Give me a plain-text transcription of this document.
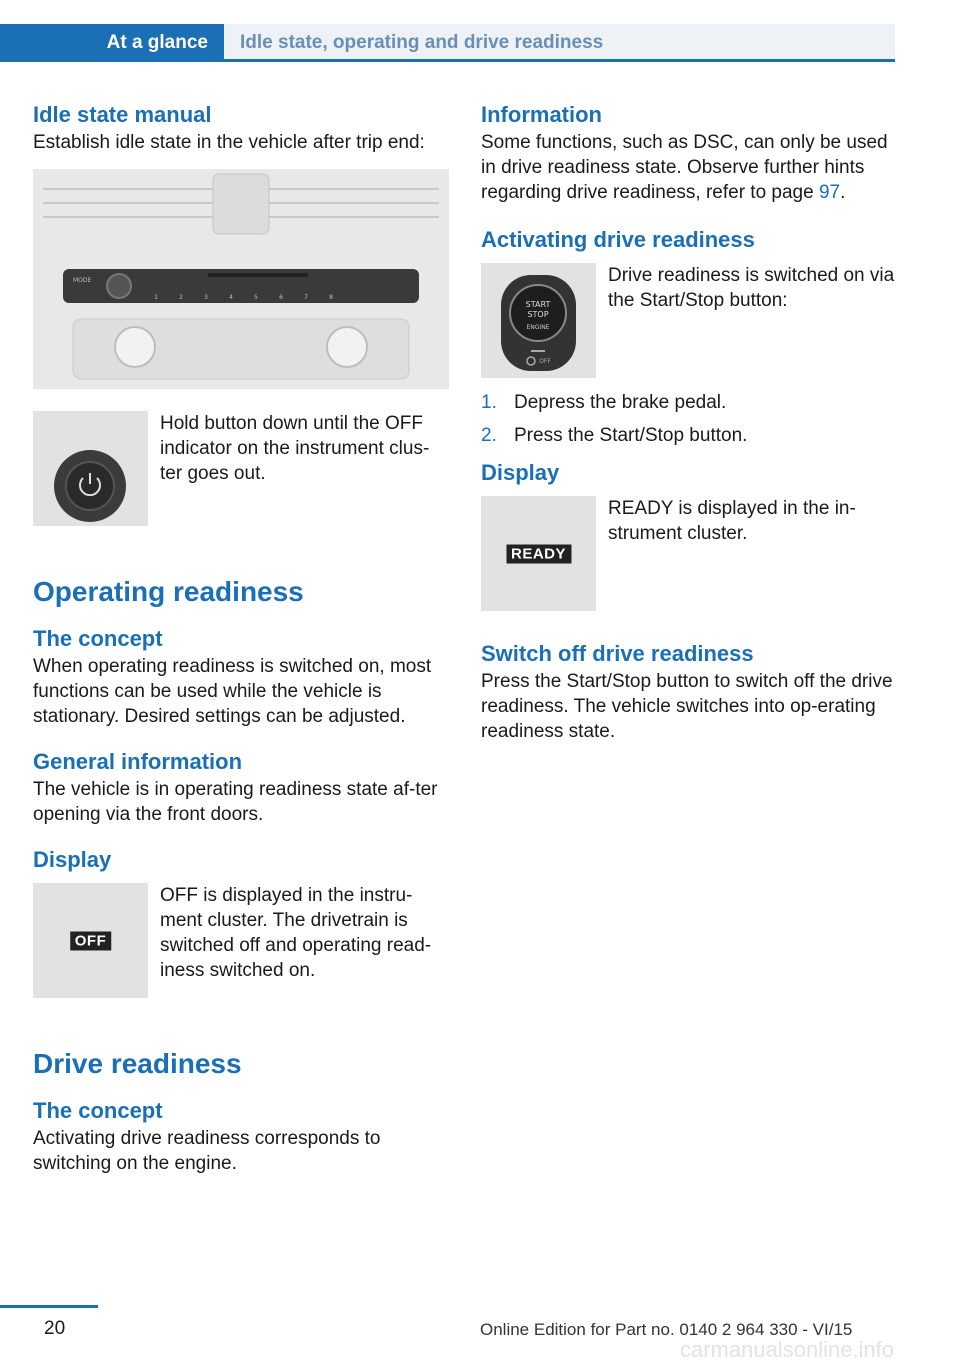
At a glance	Idle state, operating and drive readiness
Idle state manual
Establish idle state in the vehicle after trip end:
MODE
1	2	3	4	5	6	7	8
Hold button down until the OFF indicator on the instrument clus‐ter goes out.
Operating readiness
The concept
When operating readiness is switched on, most functions can be used while the vehicle is stationary. Desired settings can be adjusted.
General information
The vehicle is in operating readiness state af‐ter opening via the front doors.
Display
OFF
OFF is displayed in the instru‐ment cluster. The drivetrain is switched off and operating read‐iness switched on.
Drive readiness
The concept
Activating drive readiness corresponds to switching on the engine.
Information
Some functions, such as DSC, can only be used in drive readiness state. Observe further hints regarding drive readiness, refer to page 97.
Activating drive readiness
START
STOP
ENGINE
OFF
Drive readiness is switched on via the Start/Stop button:
1. Depress the brake pedal.
2. Press the Start/Stop button.
Display
READY
READY is displayed in the in‐strument cluster.
Switch off drive readiness
Press the Start/Stop button to switch off the drive readiness. The vehicle switches into op‐erating readiness state.
20	Online Edition for Part no. 0140 2 964 330 - VI/15
carmanualsonline.info
